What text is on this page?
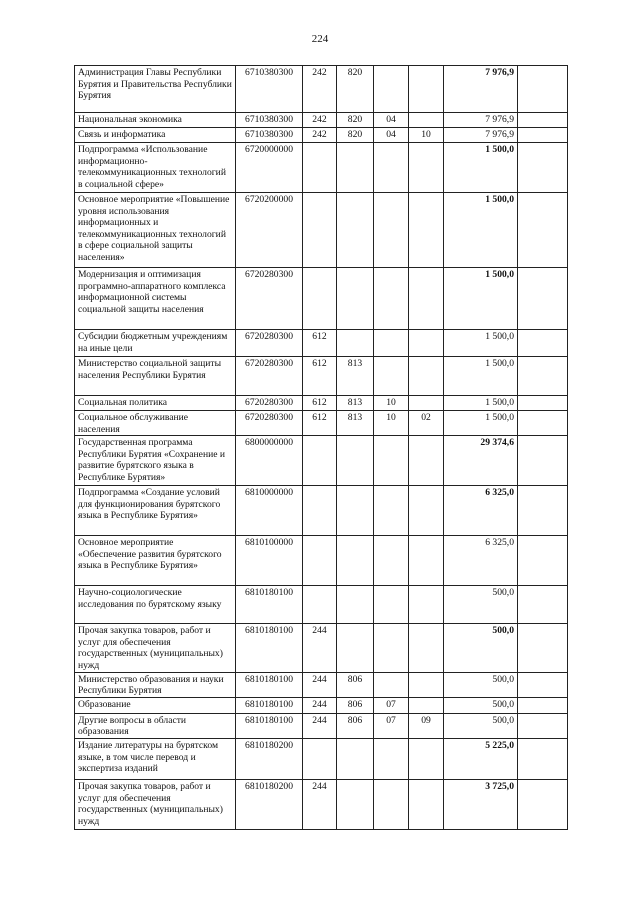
224
Администрация Главы Республики Бурятия и Правительства Республики Бурятия	6710380300	242	820			7 976,9	
Национальная экономика	6710380300	242	820	04		7 976,9	
Связь и информатика	6710380300	242	820	04	10	7 976,9	
Подпрограмма «Использование информационно-телекоммуникационных технологий в социальной сфере»	6720000000					1 500,0	
Основное мероприятие «Повышение уровня использования информационных и телекоммуникационных технологий в сфере социальной защиты населения»	6720200000					1 500,0	
Модернизация и оптимизация программно-аппаратного комплекса информационной системы социальной защиты населения	6720280300					1 500,0	
Субсидии бюджетным учреждениям на иные цели	6720280300	612				1 500,0	
Министерство социальной защиты населения Республики Бурятия	6720280300	612	813			1 500,0	
Социальная политика	6720280300	612	813	10		1 500,0	
Социальное обслуживание населения	6720280300	612	813	10	02	1 500,0	
Государственная программа Республики Бурятия «Сохранение и развитие бурятского языка в Республике Бурятия»	6800000000					29 374,6	
Подпрограмма «Создание условий для функционирования бурятского языка в Республике Бурятия»	6810000000					6 325,0	
Основное мероприятие «Обеспечение развития бурятского языка в Республике Бурятия»	6810100000					6 325,0	
Научно-социологические исследования по бурятскому языку	6810180100					500,0	
Прочая закупка товаров, работ и услуг для обеспечения государственных (муниципальных) нужд	6810180100	244				500,0	
Министерство образования и науки Республики Бурятия	6810180100	244	806			500,0	
Образование	6810180100	244	806	07		500,0	
Другие вопросы в области образования	6810180100	244	806	07	09	500,0	
Издание литературы на бурятском языке, в том числе перевод и экспертиза изданий	6810180200					5 225,0	
Прочая закупка товаров, работ и услуг для обеспечения государственных (муниципальных) нужд	6810180200	244				3 725,0	
